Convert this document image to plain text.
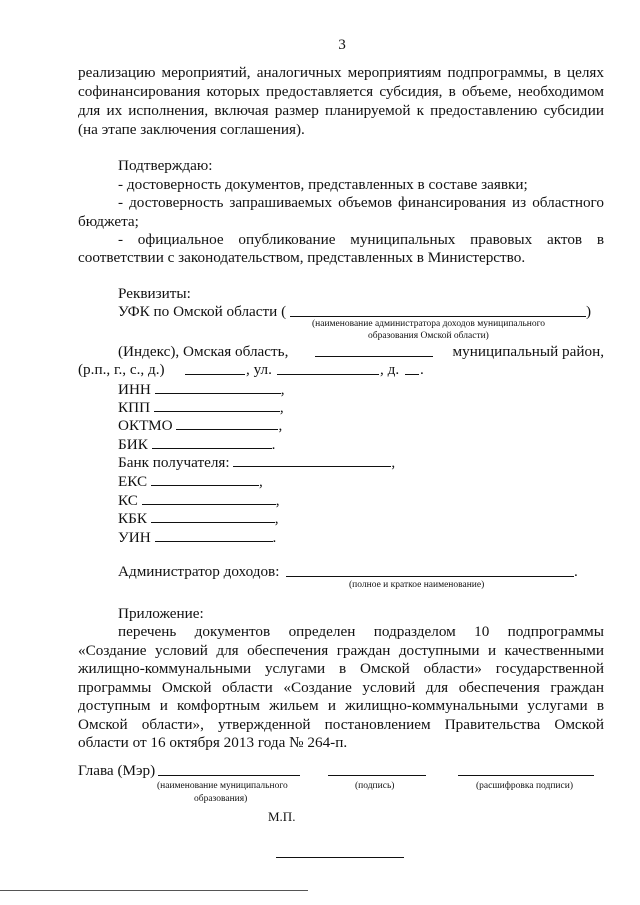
3
реализацию мероприятий, аналогичных мероприятиям подпрограммы, в целях
софинансирования которых предоставляется субсидия, в объеме, необходимом
для их исполнения, включая размер планируемой к предоставлению субсидии
(на этапе заключения соглашения).
Подтверждаю:
- достоверность документов, представленных в составе заявки;
- достоверность запрашиваемых объемов финансирования из областного
бюджета;
- официальное опубликование муниципальных правовых актов в
соответствии с законодательством, представленных в Министерство.
Реквизиты:
УФК по Омской области (	)
(наименование администратора доходов муниципального
образования Омской области)
(Индекс), Омская область,	муниципальный район,
(р.п., г., с., д.)	, ул.	, д. .
ИНН	,
КПП	,
ОКТМО	,
БИК	.
Банк получателя:	,
ЕКС	,
КС	,
КБК	,
УИН	.
Администратор доходов:	.
(полное и краткое наименование)
Приложение:
перечень документов определен подразделом 10 подпрограммы
«Создание условий для обеспечения граждан доступными и качественными
жилищно-коммунальными услугами в Омской области» государственной
программы Омской области «Создание условий для обеспечения граждан
доступным и комфортным жильем и жилищно-коммунальными услугами в
Омской области», утвержденной постановлением Правительства Омской
области от 16 октября 2013 года № 264-п.
Глава (Мэр)
(наименование муниципального
образования)
(подпись)	(расшифровка подписи)
М.П.
